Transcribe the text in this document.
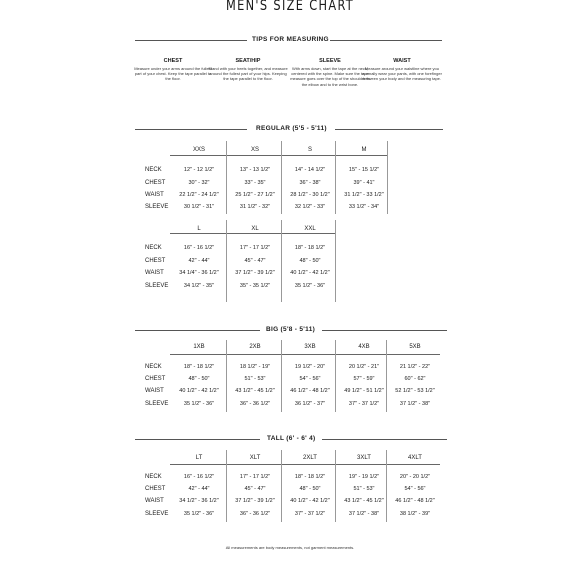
MEN'S SIZE CHART
TIPS FOR MEASURING
CHEST
Measure under your arms around the fullest part of your chest. Keep the tape parallel to the floor.
SEAT/HIP
Stand with your heels together, and measure around the fullest part of your hips. Keeping the tape parallel to the floor.
SLEEVE
With arms down, start the tape at the neck, centered with the spine. Make sure the tape measure goes over the top of the shoulder to the elbow and to the wrist bone.
WAIST
Measure around your waistline where you normally wear your pants, with one forefinger between your body and the measuring tape.
REGULAR (5'5 - 5'11)
BIG (5'8 - 5'11)
TALL (6' - 6' 4)
XXS	XS	S	M
NECK	12" - 12 1/2"	13" - 13 1/2"	14" - 14 1/2"	15" - 15 1/2"
CHEST	30" - 32"	33" - 35"	36" - 38"	39" - 41"
WAIST	22 1/2" - 24 1/2"	25 1/2" - 27 1/2"	28 1/2" - 30 1/2"	31 1/2" - 33 1/2"
SLEEVE	30 1/2" - 31"	31 1/2" - 32"	32 1/2" - 33"	33 1/2" - 34"
L	XL	XXL
NECK	16" - 16 1/2"	17" - 17 1/2"	18" - 18 1/2"
CHEST	42" - 44"	45" - 47"	48" - 50"
WAIST	34 1/4" - 36 1/2"	37 1/2" - 39 1/2"	40 1/2" - 42 1/2"
SLEEVE	34 1/2" - 35"	35" - 35 1/2"	35 1/2" - 36"
1XB	2XB	3XB	4XB	5XB
NECK	18" - 18 1/2"	18 1/2" - 19"	19 1/2" - 20"	20 1/2" - 21"	21 1/2" - 22"
CHEST	48" - 50"	51" - 53"	54" - 56"	57" - 59"	60" - 62"
WAIST	40 1/2" - 42 1/2"	43 1/2" - 45 1/2"	46 1/2" - 48 1/2"	49 1/2" - 51 1/2"	52 1/2" - 53 1/2"
SLEEVE	35 1/2" - 36"	36" - 36 1/2"	36 1/2" - 37"	37" - 37 1/2"	37 1/2" - 38"
LT	XLT	2XLT	3XLT	4XLT
NECK	16" - 16 1/2"	17" - 17 1/2"	18" - 18 1/2"	19" - 19 1/2"	20" - 20 1/2"
CHEST	42" - 44"	45" - 47"	48" - 50"	51" - 53"	54" - 56"
WAIST	34 1/2" - 36 1/2"	37 1/2" - 39 1/2"	40 1/2" - 42 1/2"	43 1/2" - 45 1/2"	46 1/2" - 48 1/2"
SLEEVE	35 1/2" - 36"	36" - 36 1/2"	37" - 37 1/2"	37 1/2" - 38"	38 1/2" - 39"
All measurements are body measurements, not garment measurements.
